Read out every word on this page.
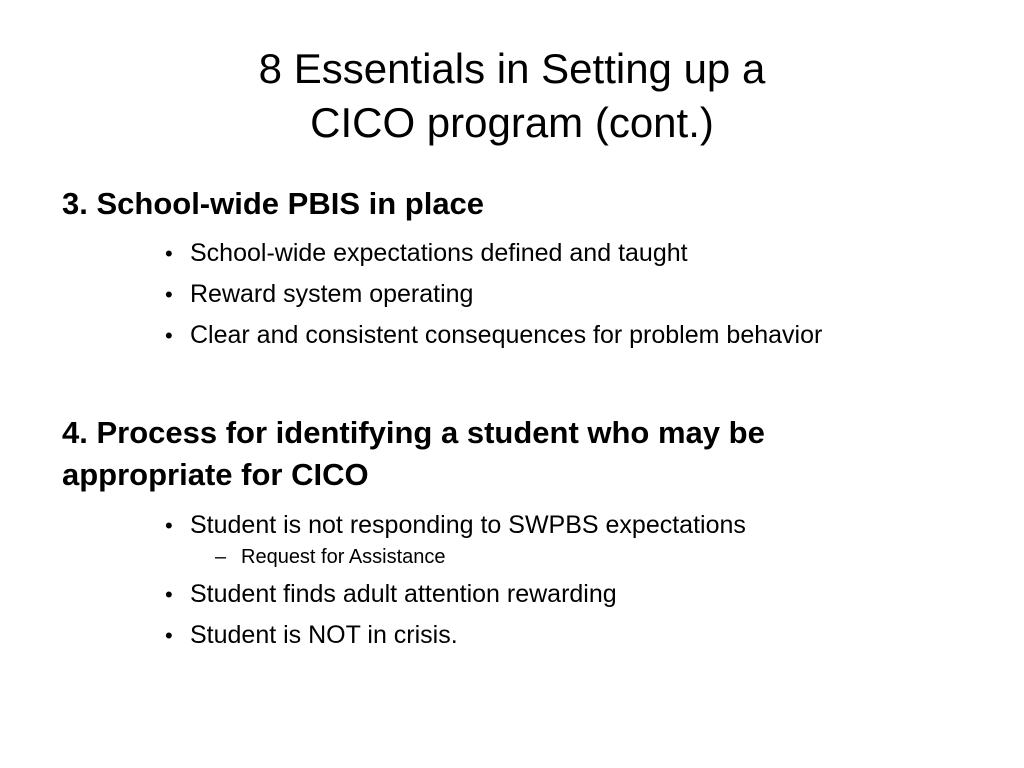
8 Essentials in Setting up a
CICO program (cont.)
3. School-wide PBIS in place
• School-wide expectations defined and taught
• Reward system operating
• Clear and consistent consequences for problem behavior
4. Process for identifying a student who may be
appropriate for CICO
• Student is not responding to SWPBS expectations
– Request for Assistance
• Student finds adult attention rewarding
• Student is NOT in crisis.
